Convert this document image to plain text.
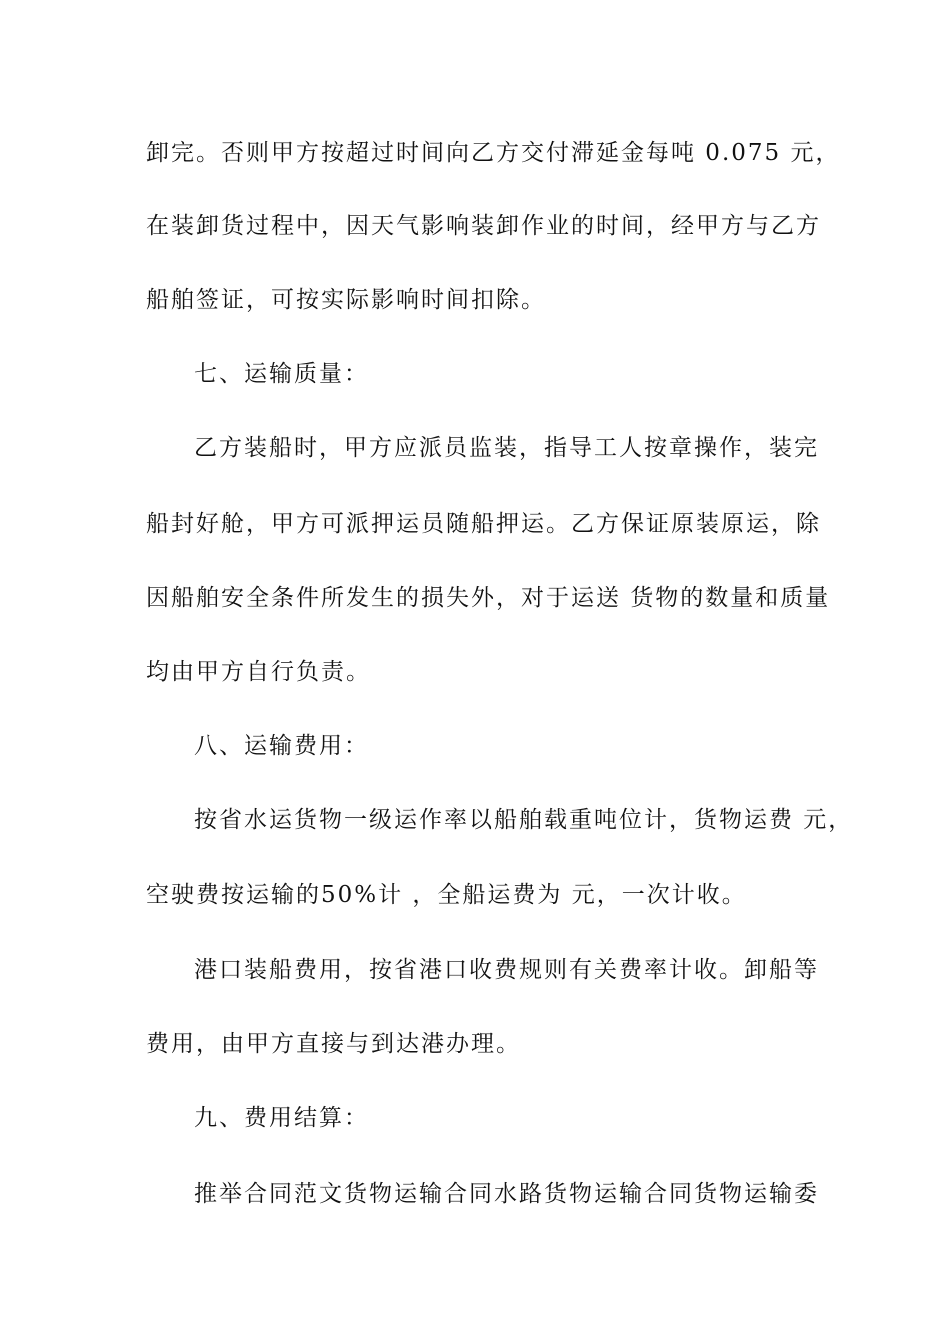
卸完。否则甲方按超过时间向乙方交付滞延金每吨 0.075 元，
在装卸货过程中，因天气影响装卸作业的时间，经甲方与乙方
船舶签证，可按实际影响时间扣除。
七、运输质量：
乙方装船时，甲方应派员监装，指导工人按章操作，装完
船封好舱，甲方可派押运员随船押运。乙方保证原装原运，除
因船舶安全条件所发生的损失外，对于运送 货物的数量和质量
均由甲方自行负责。
八、运输费用：
按省水运货物一级运作率以船舶载重吨位计，货物运费 元，
空驶费按运输的50%计 ，全船运费为 元，一次计收。
港口装船费用，按省港口收费规则有关费率计收。卸船等
费用，由甲方直接与到达港办理。
九、费用结算：
推举合同范文货物运输合同水路货物运输合同货物运输委
